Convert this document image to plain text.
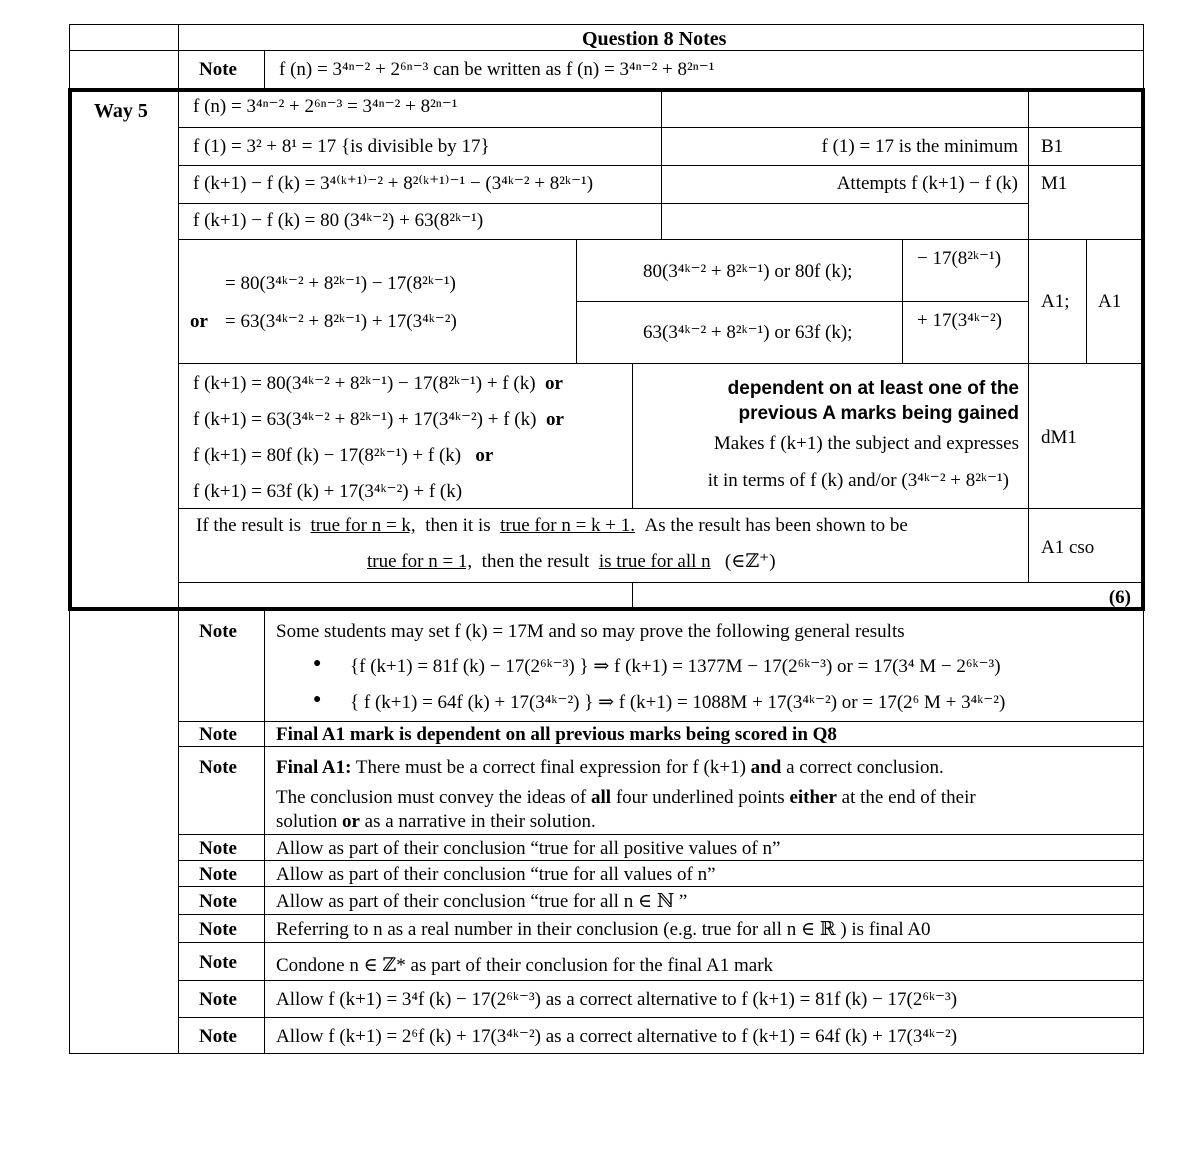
Question 8 Notes
Note f (n) = 3⁴ⁿ⁻² + 2⁶ⁿ⁻³ can be written as f (n) = 3⁴ⁿ⁻² + 8²ⁿ⁻¹
Way 5 f (n) = 3⁴ⁿ⁻² + 2⁶ⁿ⁻³ = 3⁴ⁿ⁻² + 8²ⁿ⁻¹
f (1) = 3² + 8¹ = 17 {is divisible by 17}	f (1) = 17 is the minimum B1
f (k+1) − f (k) = 3⁴⁽ᵏ⁺¹⁾⁻² + 8²⁽ᵏ⁺¹⁾⁻¹ − (3⁴ᵏ⁻² + 8²ᵏ⁻¹)	Attempts f (k+1) − f (k) M1
f (k+1) − f (k) = 80 (3⁴ᵏ⁻²) + 63(8²ᵏ⁻¹)
= 80(3⁴ᵏ⁻² + 8²ᵏ⁻¹) − 17(8²ᵏ⁻¹)
or = 63(3⁴ᵏ⁻² + 8²ᵏ⁻¹) + 17(3⁴ᵏ⁻²)
80(3⁴ᵏ⁻² + 8²ᵏ⁻¹) or 80f (k);
63(3⁴ᵏ⁻² + 8²ᵏ⁻¹) or 63f (k);
− 17(8²ᵏ⁻¹)
+ 17(3⁴ᵏ⁻²)
A1; A1
f (k+1) = 80(3⁴ᵏ⁻² + 8²ᵏ⁻¹) − 17(8²ᵏ⁻¹) + f (k) or
f (k+1) = 63(3⁴ᵏ⁻² + 8²ᵏ⁻¹) + 17(3⁴ᵏ⁻²) + f (k) or
f (k+1) = 80f (k) − 17(8²ᵏ⁻¹) + f (k) or
f (k+1) = 63f (k) + 17(3⁴ᵏ⁻²) + f (k)
dependent on at least one of the
previous A marks being gained
Makes f (k+1) the subject and expresses
it in terms of f (k) and/or (3⁴ᵏ⁻² + 8²ᵏ⁻¹)
dM1
If the result is true for n = k, then it is true for n = k + 1. As the result has been shown to be
true for n = 1, then the result is true for all n (∈ℤ⁺)
A1 cso
(6)
Note Some students may set f (k) = 17M and so may prove the following general results
● {f (k+1) = 81f (k) − 17(2⁶ᵏ⁻³) } ⇒ f (k+1) = 1377M − 17(2⁶ᵏ⁻³) or = 17(3⁴ M − 2⁶ᵏ⁻³)
● { f (k+1) = 64f (k) + 17(3⁴ᵏ⁻²) } ⇒ f (k+1) = 1088M + 17(3⁴ᵏ⁻²) or = 17(2⁶ M + 3⁴ᵏ⁻²)
Note Final A1 mark is dependent on all previous marks being scored in Q8
Note Final A1: There must be a correct final expression for f (k+1) and a correct conclusion.
The conclusion must convey the ideas of all four underlined points either at the end of their
solution or as a narrative in their solution.
Note Allow as part of their conclusion “true for all positive values of n”
Note Allow as part of their conclusion “true for all values of n”
Note Allow as part of their conclusion “true for all n ∈ ℕ ”
Note Referring to n as a real number in their conclusion (e.g. true for all n ∈ ℝ ) is final A0
Note Condone n ∈ ℤ* as part of their conclusion for the final A1 mark
Note Allow f (k+1) = 3⁴f (k) − 17(2⁶ᵏ⁻³) as a correct alternative to f (k+1) = 81f (k) − 17(2⁶ᵏ⁻³)
Note Allow f (k+1) = 2⁶f (k) + 17(3⁴ᵏ⁻²) as a correct alternative to f (k+1) = 64f (k) + 17(3⁴ᵏ⁻²)
